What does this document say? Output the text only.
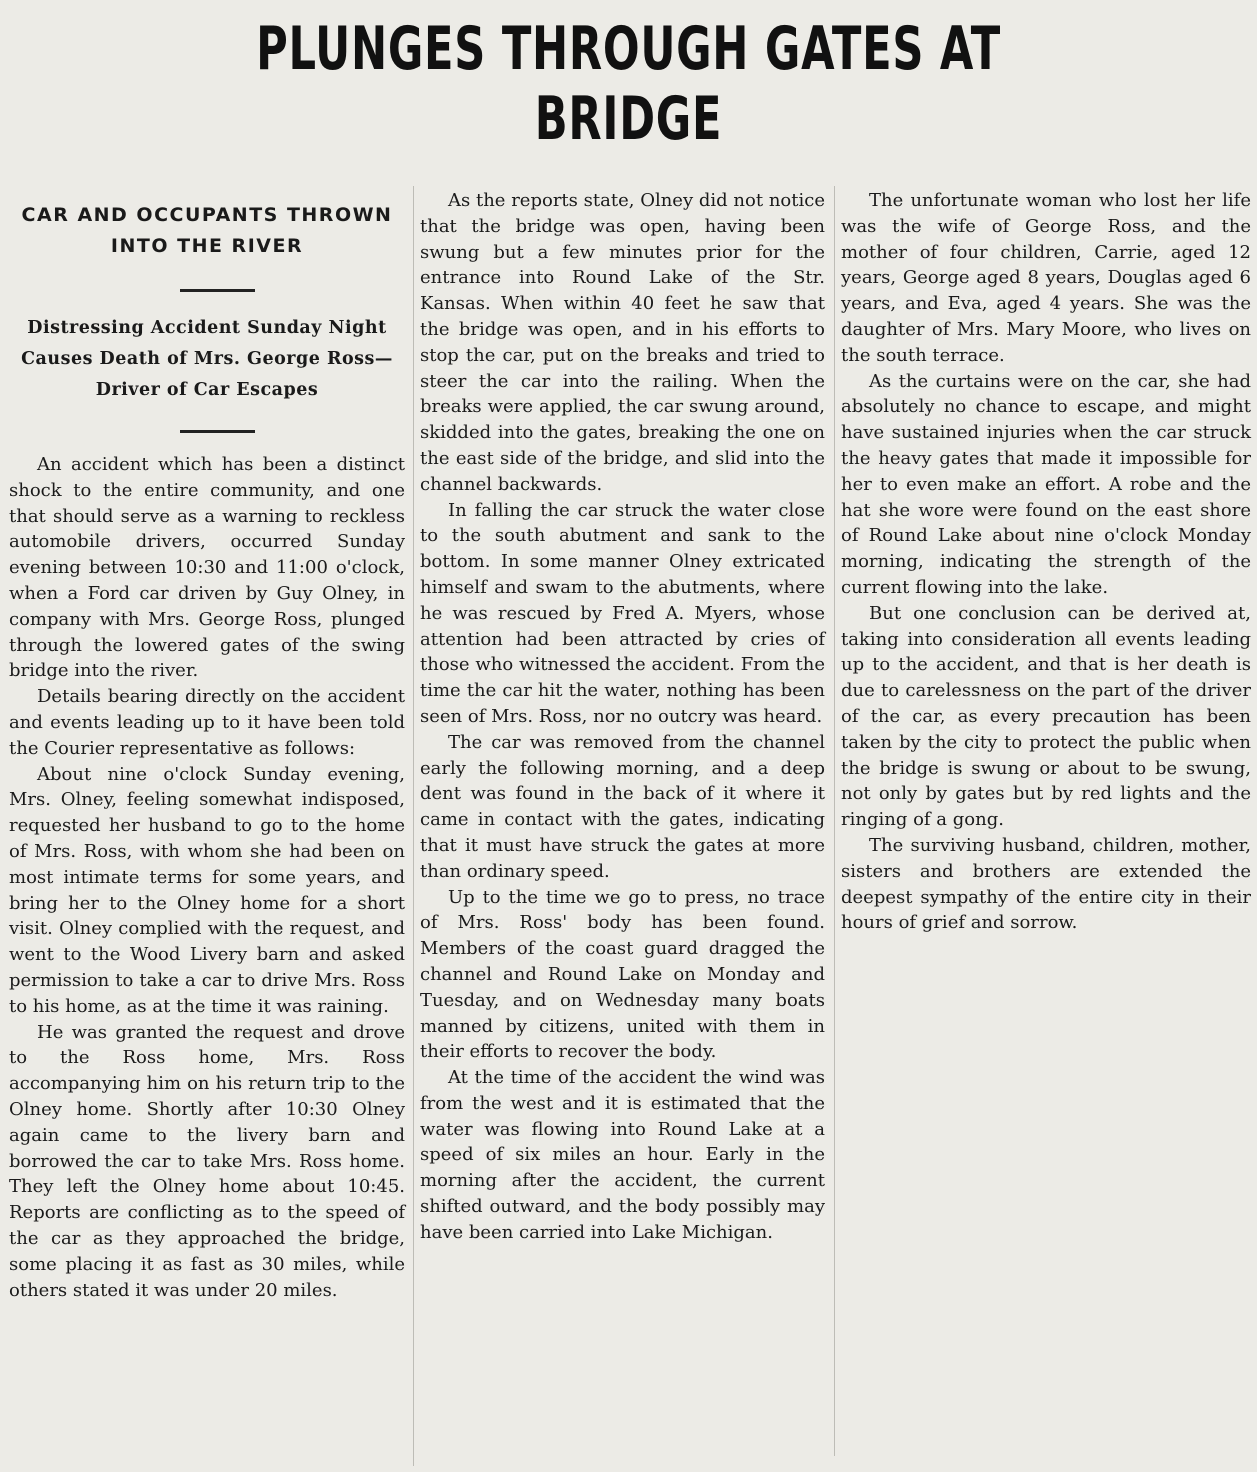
PLUNGES THROUGH GATES AT BRIDGE
CAR AND OCCUPANTS THROWN INTO THE RIVER
Distressing Accident Sunday Night Causes Death of Mrs. George Ross—Driver of Car Escapes

An accident which has been a distinct shock to the entire community, and one that should serve as a warning to reckless automobile drivers, occurred Sunday evening between 10:30 and 11:00 o'clock, when a Ford car driven by Guy Olney, in company with Mrs. George Ross, plunged through the lowered gates of the swing bridge into the river.

Details bearing directly on the accident and events leading up to it have been told the Courier representative as follows:

About nine o'clock Sunday evening, Mrs. Olney, feeling somewhat indisposed, requested her husband to go to the home of Mrs. Ross, with whom she had been on most intimate terms for some years, and bring her to the Olney home for a short visit. Olney complied with the request, and went to the Wood Livery barn and asked permission to take a car to drive Mrs. Ross to his home, as at the time it was raining.

He was granted the request and drove to the Ross home, Mrs. Ross accompanying him on his return trip to the Olney home. Shortly after 10:30 Olney again came to the livery barn and borrowed the car to take Mrs. Ross home. They left the Olney home about 10:45. Reports are conflicting as to the speed of the car as they approached the bridge, some placing it as fast as 30 miles, while others stated it was under 20 miles.

As the reports state, Olney did not notice that the bridge was open, having been swung but a few minutes prior for the entrance into Round Lake of the Str. Kansas. When within 40 feet he saw that the bridge was open, and in his efforts to stop the car, put on the breaks and tried to steer the car into the railing. When the breaks were applied, the car swung around, skidded into the gates, breaking the one on the east side of the bridge, and slid into the channel backwards.

In falling the car struck the water close to the south abutment and sank to the bottom. In some manner Olney extricated himself and swam to the abutments, where he was rescued by Fred A. Myers, whose attention had been attracted by cries of those who witnessed the accident. From the time the car hit the water, nothing has been seen of Mrs. Ross, nor no outcry was heard.

The car was removed from the channel early the following morning, and a deep dent was found in the back of it where it came in contact with the gates, indicating that it must have struck the gates at more than ordinary speed.

Up to the time we go to press, no trace of Mrs. Ross' body has been found. Members of the coast guard dragged the channel and Round Lake on Monday and Tuesday, and on Wednesday many boats manned by citizens, united with them in their efforts to recover the body.

At the time of the accident the wind was from the west and it is estimated that the water was flowing into Round Lake at a speed of six miles an hour. Early in the morning after the accident, the current shifted outward, and the body possibly may have been carried into Lake Michigan.

The unfortunate woman who lost her life was the wife of George Ross, and the mother of four children, Carrie, aged 12 years, George aged 8 years, Douglas aged 6 years, and Eva, aged 4 years. She was the daughter of Mrs. Mary Moore, who lives on the south terrace.

As the curtains were on the car, she had absolutely no chance to escape, and might have sustained injuries when the car struck the heavy gates that made it impossible for her to even make an effort. A robe and the hat she wore were found on the east shore of Round Lake about nine o'clock Monday morning, indicating the strength of the current flowing into the lake.

But one conclusion can be derived at, taking into consideration all events leading up to the accident, and that is her death is due to carelessness on the part of the driver of the car, as every precaution has been taken by the city to protect the public when the bridge is swung or about to be swung, not only by gates but by red lights and the ringing of a gong.

The surviving husband, children, mother, sisters and brothers are extended the deepest sympathy of the entire city in their hours of grief and sorrow.
